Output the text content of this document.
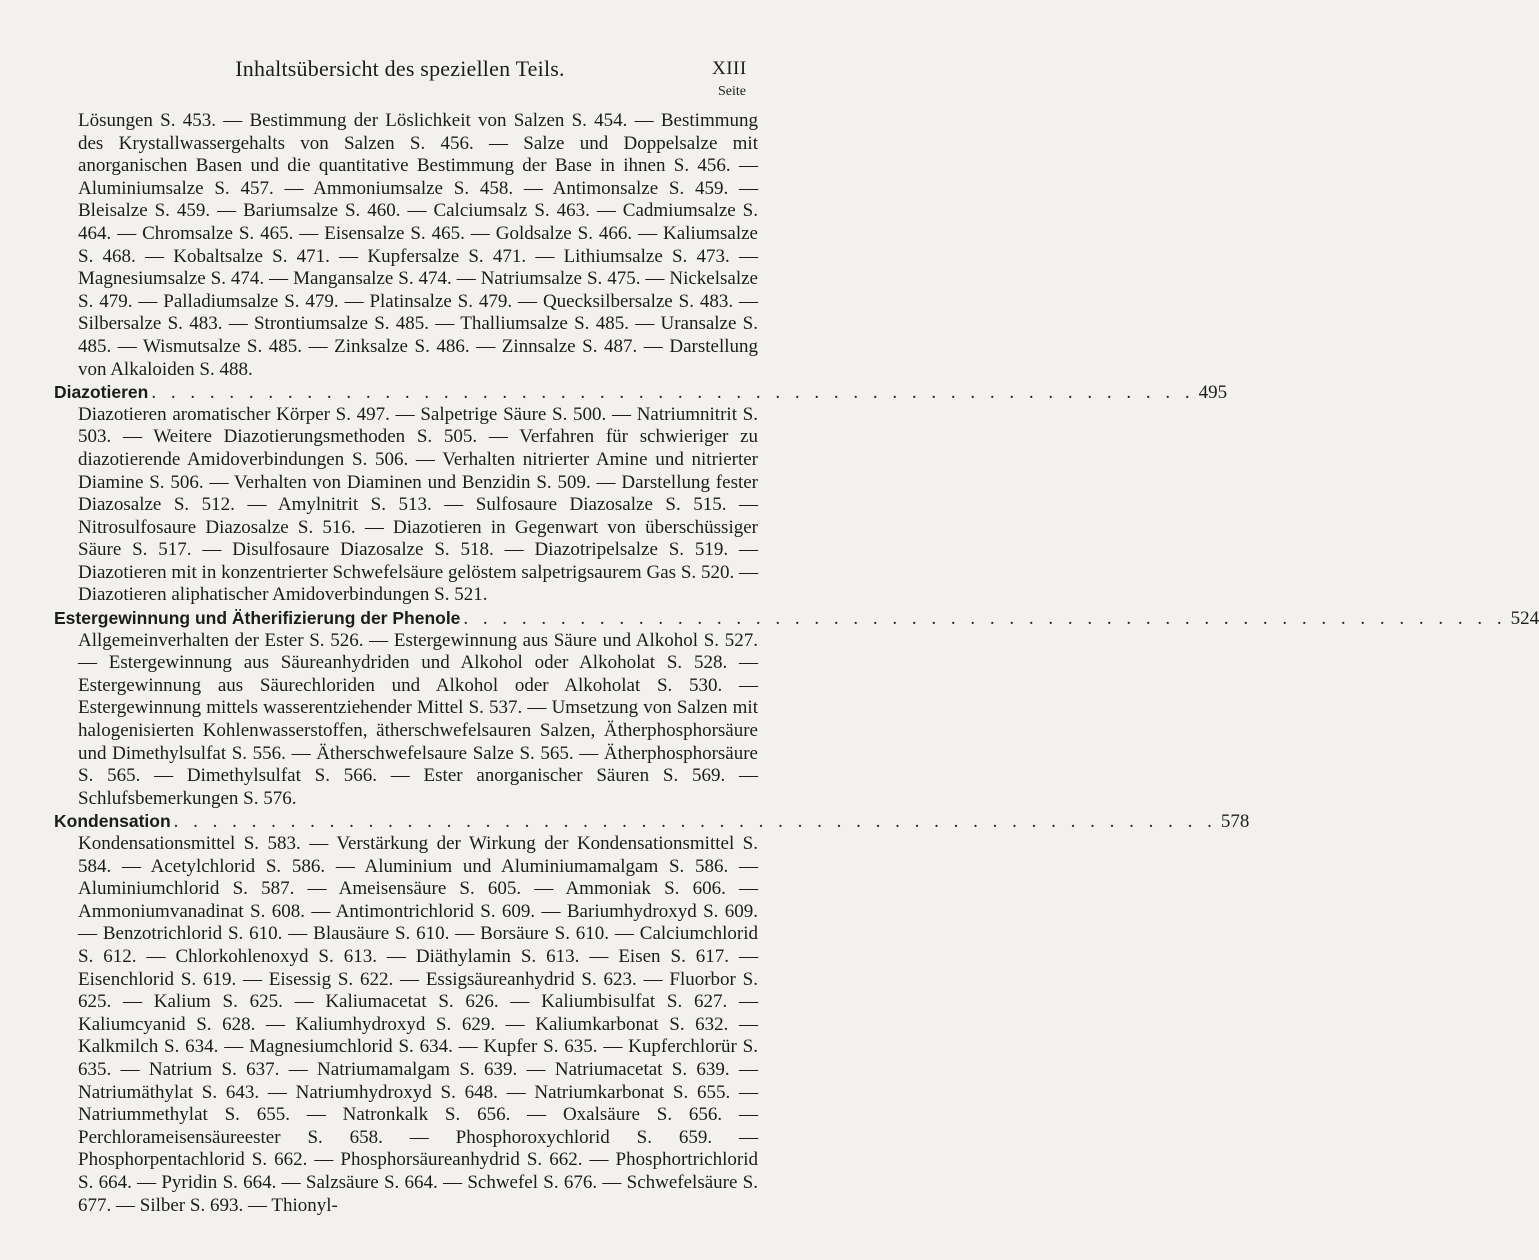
Inhaltsübersicht des speziellen Teils.	XIII
Seite

Lösungen S. 453. — Bestimmung der Löslichkeit von Salzen S. 454. — Bestimmung des Krystallwassergehalts von Salzen S. 456. — Salze und Doppelsalze mit anorganischen Basen und die quantitative Bestimmung der Base in ihnen S. 456. — Aluminiumsalze S. 457. — Ammoniumsalze S. 458. — Antimonsalze S. 459. — Bleisalze S. 459. — Bariumsalze S. 460. — Calciumsalz S. 463. — Cadmiumsalze S. 464. — Chromsalze S. 465. — Eisensalze S. 465. — Goldsalze S. 466. — Kaliumsalze S. 468. — Kobaltsalze S. 471. — Kupfersalze S. 471. — Lithiumsalze S. 473. — Magnesiumsalze S. 474. — Mangansalze S. 474. — Natriumsalze S. 475. — Nickelsalze S. 479. — Palladiumsalze S. 479. — Platinsalze S. 479. — Quecksilbersalze S. 483. — Silbersalze S. 483. — Strontiumsalze S. 485. — Thalliumsalze S. 485. — Uransalze S. 485. — Wismutsalze S. 485. — Zinksalze S. 486. — Zinnsalze S. 487. — Darstellung von Alkaloiden S. 488.

Diazotieren . . . . . . . . . . . . . . . . . . . . . . . . . . . . . . . . . . . . . . . . . . . . . . . . . . . . . . 495

Diazotieren aromatischer Körper S. 497. — Salpetrige Säure S. 500. — Natriumnitrit S. 503. — Weitere Diazotierungsmethoden S. 505. — Verfahren für schwieriger zu diazotierende Amidoverbindungen S. 506. — Verhalten nitrierter Amine und nitrierter Diamine S. 506. — Verhalten von Diaminen und Benzidin S. 509. — Darstellung fester Diazosalze S. 512. — Amylnitrit S. 513. — Sulfosaure Diazosalze S. 515. — Nitrosulfosaure Diazosalze S. 516. — Diazotieren in Gegenwart von überschüssiger Säure S. 517. — Disulfosaure Diazosalze S. 518. — Diazotripelsalze S. 519. — Diazotieren mit in konzentrierter Schwefelsäure gelöstem salpetrigsaurem Gas S. 520. — Diazotieren aliphatischer Amidoverbindungen S. 521.

Estergewinnung und Ätherifizierung der Phenole . . . . . . . . . . . . . . . . . . . . . . . . . . . . . . . . . . . . . . . . . . . . . . . . . . . . . . 524

Allgemeinverhalten der Ester S. 526. — Estergewinnung aus Säure und Alkohol S. 527. — Estergewinnung aus Säureanhydriden und Alkohol oder Alkoholat S. 528. — Estergewinnung aus Säurechloriden und Alkohol oder Alkoholat S. 530. — Estergewinnung mittels wasserentziehender Mittel S. 537. — Umsetzung von Salzen mit halogenisierten Kohlenwasserstoffen, ätherschwefelsauren Salzen, Ätherphosphorsäure und Dimethylsulfat S. 556. — Ätherschwefelsaure Salze S. 565. — Ätherphosphorsäure S. 565. — Dimethylsulfat S. 566. — Ester anorganischer Säuren S. 569. — Schlufsbemerkungen S. 576.

Kondensation . . . . . . . . . . . . . . . . . . . . . . . . . . . . . . . . . . . . . . . . . . . . . . . . . . . . . . 578

Kondensationsmittel S. 583. — Verstärkung der Wirkung der Kondensationsmittel S. 584. — Acetylchlorid S. 586. — Aluminium und Aluminiumamalgam S. 586. — Aluminiumchlorid S. 587. — Ameisensäure S. 605. — Ammoniak S. 606. — Ammoniumvanadinat S. 608. — Antimontrichlorid S. 609. — Bariumhydroxyd S. 609. — Benzotrichlorid S. 610. — Blausäure S. 610. — Borsäure S. 610. — Calciumchlorid S. 612. — Chlorkohlenoxyd S. 613. — Diäthylamin S. 613. — Eisen S. 617. — Eisenchlorid S. 619. — Eisessig S. 622. — Essigsäureanhydrid S. 623. — Fluorbor S. 625. — Kalium S. 625. — Kaliumacetat S. 626. — Kaliumbisulfat S. 627. — Kaliumcyanid S. 628. — Kaliumhydroxyd S. 629. — Kaliumkarbonat S. 632. — Kalkmilch S. 634. — Magnesiumchlorid S. 634. — Kupfer S. 635. — Kupferchlorür S. 635. — Natrium S. 637. — Natriumamalgam S. 639. — Natriumacetat S. 639. — Natriumäthylat S. 643. — Natriumhydroxyd S. 648. — Natriumkarbonat S. 655. — Natriummethylat S. 655. — Natronkalk S. 656. — Oxalsäure S. 656. — Perchlorameisensäureester S. 658. — Phosphoroxychlorid S. 659. — Phosphorpentachlorid S. 662. — Phosphorsäureanhydrid S. 662. — Phosphortrichlorid S. 664. — Pyridin S. 664. — Salzsäure S. 664. — Schwefel S. 676. — Schwefelsäure S. 677. — Silber S. 693. — Thionyl-
